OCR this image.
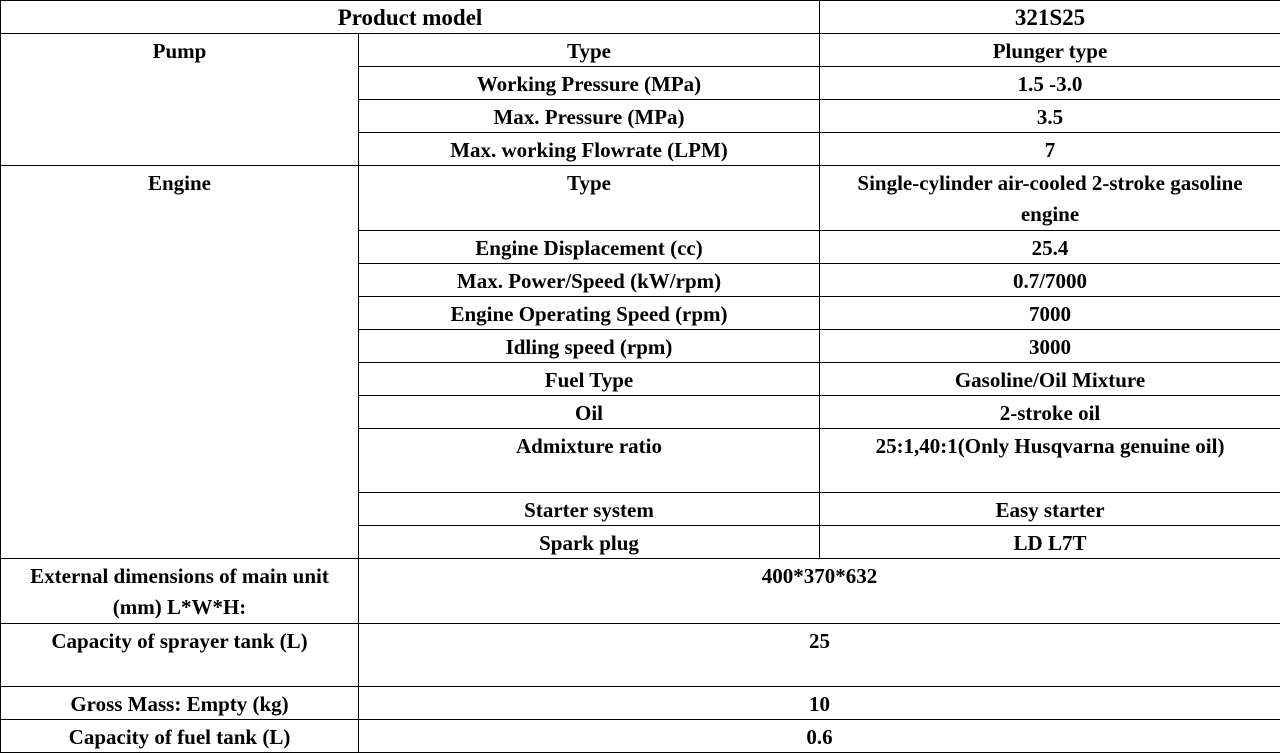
Product model		321S25
Pump	Type	Plunger type
	Working Pressure (MPa)	1.5 -3.0
	Max. Pressure (MPa)	3.5
	Max. working Flowrate (LPM)	7
Engine	Type	Single-cylinder air-cooled 2-stroke gasoline engine
	Engine Displacement (cc)	25.4
	Max. Power/Speed (kW/rpm)	0.7/7000
	Engine Operating Speed (rpm)	7000
	Idling speed (rpm)	3000
	Fuel Type	Gasoline/Oil Mixture
	Oil	2-stroke oil
	Admixture ratio	25:1,40:1(Only Husqvarna genuine oil)
	Starter system	Easy starter
	Spark plug	LD L7T
External dimensions of main unit (mm) L*W*H:	400*370*632	
Capacity of sprayer tank (L)	25	
Gross Mass: Empty (kg)	10	
Capacity of fuel tank (L)	0.6	
